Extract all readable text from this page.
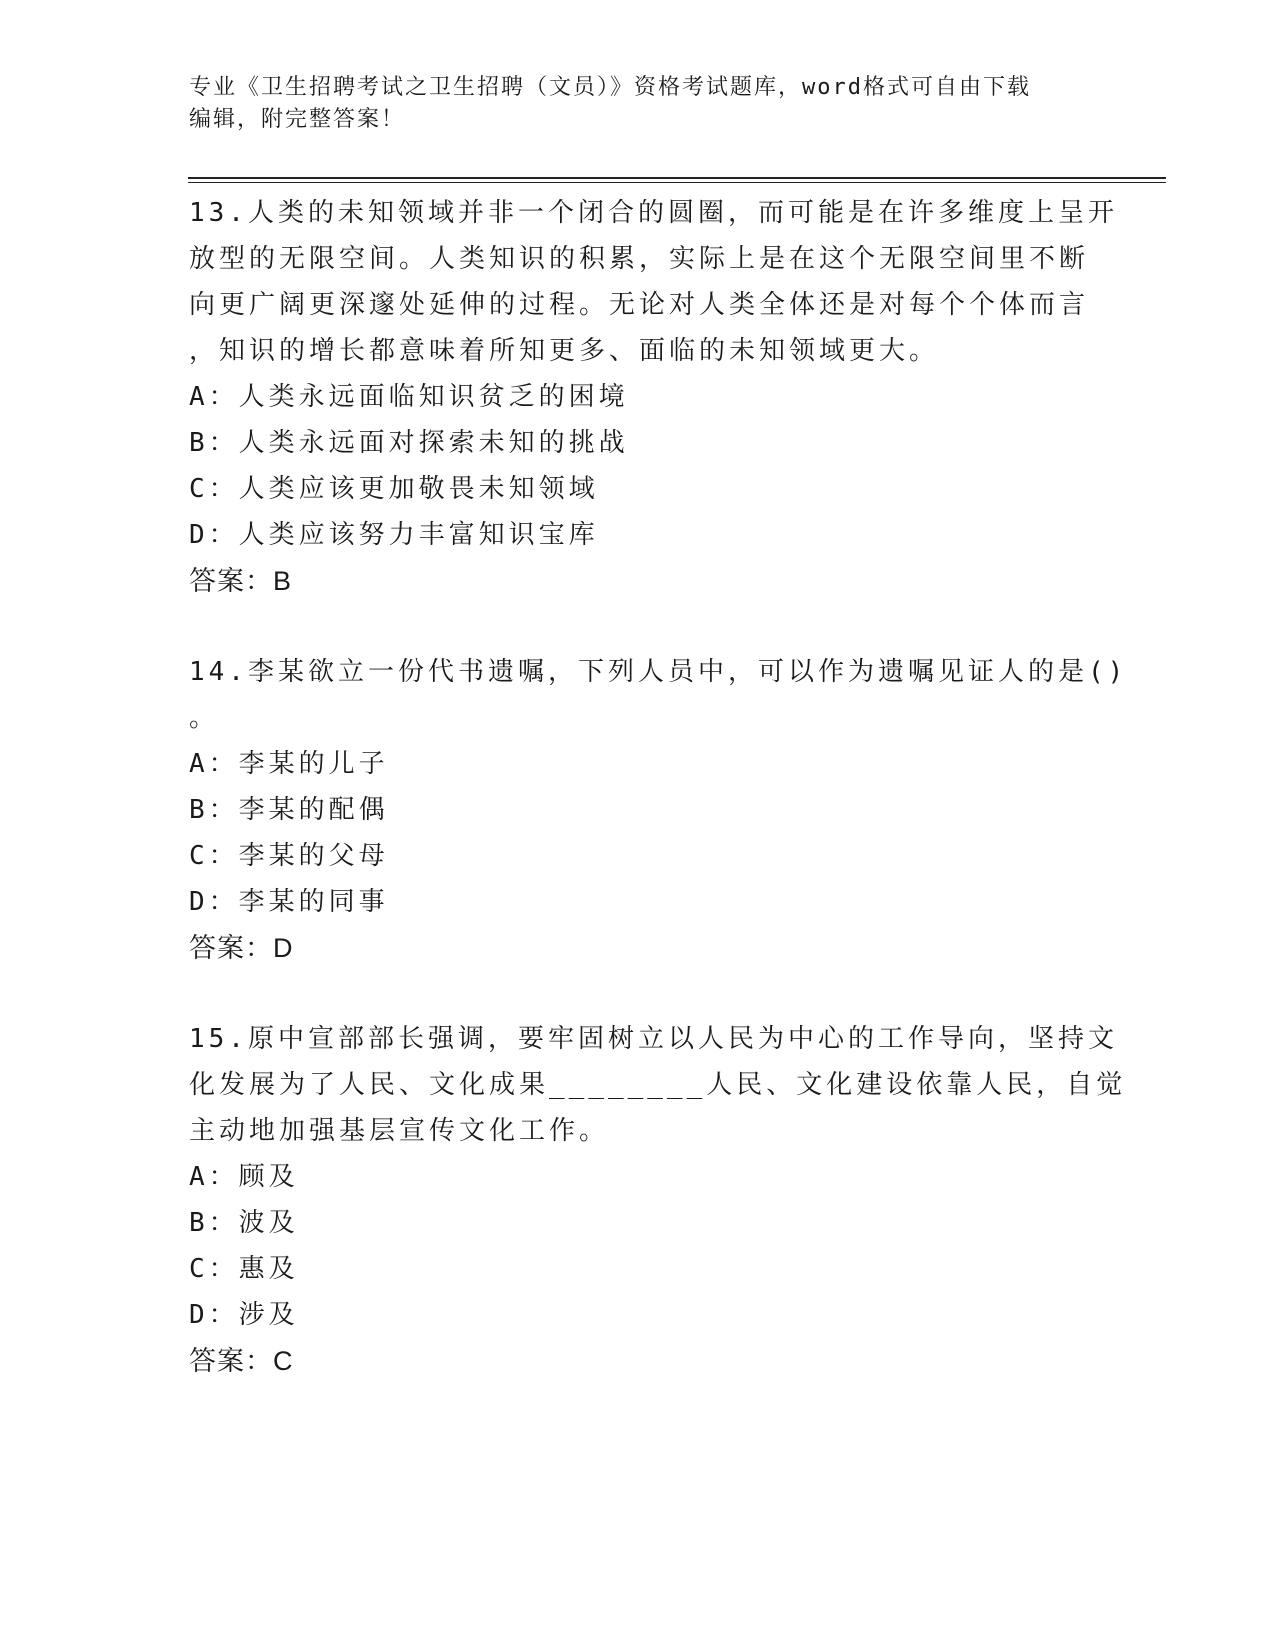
专业《卫生招聘考试之卫生招聘（文员）》资格考试题库，word格式可自由下载
编辑，附完整答案！
13.人类的未知领域并非一个闭合的圆圈，而可能是在许多维度上呈开
放型的无限空间。人类知识的积累，实际上是在这个无限空间里不断
向更广阔更深邃处延伸的过程。无论对人类全体还是对每个个体而言
，知识的增长都意味着所知更多、面临的未知领域更大。
A：人类永远面临知识贫乏的困境
B：人类永远面对探索未知的挑战
C：人类应该更加敬畏未知领域
D：人类应该努力丰富知识宝库
答案：B
14.李某欲立一份代书遗嘱，下列人员中，可以作为遗嘱见证人的是()
。
A：李某的儿子
B：李某的配偶
C：李某的父母
D：李某的同事
答案：D
15.原中宣部部长强调，要牢固树立以人民为中心的工作导向，坚持文
化发展为了人民、文化成果________人民、文化建设依靠人民，自觉
主动地加强基层宣传文化工作。
A：顾及
B：波及
C：惠及
D：涉及
答案：C
